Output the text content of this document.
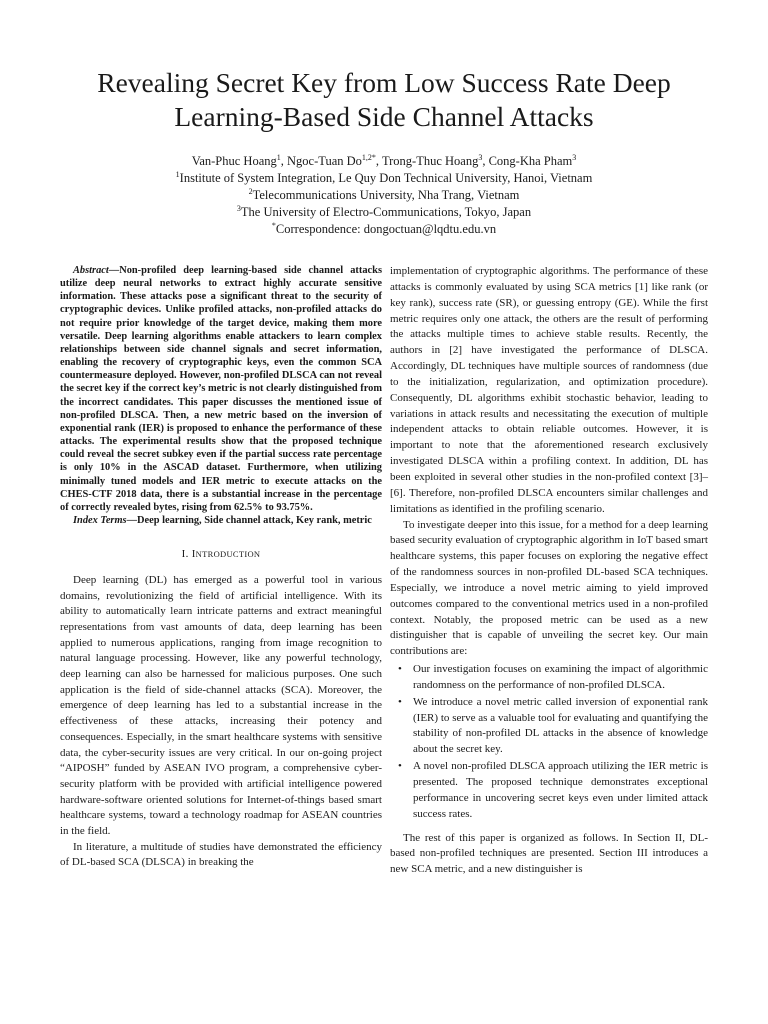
Revealing Secret Key from Low Success Rate Deep
Learning-Based Side Channel Attacks
Van-Phuc Hoang$^1$, Ngoc-Tuan $Do^{1,2*}$, Trong-Thuc Hoang$^3$, Cong-Kha Pham$^3$
$^1$Institute of System Integration, Le Quy Don Technical University, Hanoi, Vietnam
$^2$Telecommunications University, Nha Trang, Vietnam
$^3$The University of Electro-Communications, Tokyo, Japan
*Correspondence: dongoctuan@lqdtu.edu.vn

Abstract—Non-profiled deep learning-based side channel attacks utilize deep neural networks to extract highly accurate sensitive information. These attacks pose a significant threat to the security of cryptographic devices. Unlike profiled attacks, non-profiled attacks do not require prior knowledge of the target device, making them more versatile. Deep learning algorithms enable attackers to learn complex relationships between side channel signals and secret information, enabling the recovery of cryptographic keys, even the common SCA countermeasure deployed. However, non-profiled DLSCA can not reveal the secret key if the correct key’s metric is not clearly distinguished from the incorrect candidates. This paper discusses the mentioned issue of non-profiled DLSCA. Then, a new metric based on the inversion of exponential rank (IER) is proposed to enhance the performance of these attacks. The experimental results show that the proposed technique could reveal the secret subkey even if the partial success rate percentage is only 10% in the ASCAD dataset. Furthermore, when utilizing minimally tuned models and IER metric to execute attacks on the CHES-CTF 2018 data, there is a substantial increase in the percentage of correctly revealed bytes, rising from 62.5% to 93.75%.

Index Terms—Deep learning, Side channel attack, Key rank, metric

I. INTRODUCTION

Deep learning (DL) has emerged as a powerful tool in various domains, revolutionizing the field of artificial intelligence. With its ability to automatically learn intricate patterns and extract meaningful representations from vast amounts of data, deep learning has been applied to numerous applications, ranging from image recognition to natural language processing. However, like any powerful technology, deep learning can also be harnessed for malicious purposes. One such application is the field of side-channel attacks (SCA). Moreover, the emergence of deep learning has led to a substantial increase in the effectiveness of these attacks, increasing their potency and consequences. Especially, in the smart healthcare systems with sensitive data, the cyber-security issues are very critical. In our on-going project “AIPOSH” funded by ASEAN IVO program, a comprehensive cyber-security platform with be provided with artificial intelligence powered hardware-software oriented solutions for Internet-of-things based smart healthcare systems, toward a technology roadmap for ASEAN countries in the field.

In literature, a multitude of studies have demonstrated the efficiency of DL-based SCA (DLSCA) in breaking the

implementation of cryptographic algorithms. The performance of these attacks is commonly evaluated by using SCA metrics [1] like rank (or key rank), success rate (SR), or guessing entropy (GE). While the first metric requires only one attack, the others are the result of performing the attacks multiple times to achieve stable results. Recently, the authors in [2] have investigated the performance of DLSCA. Accordingly, DL techniques have multiple sources of randomness (due to the initialization, regularization, and optimization procedure). Consequently, DL algorithms exhibit stochastic behavior, leading to variations in attack results and necessitating the execution of multiple independent attacks to obtain reliable outcomes. However, it is important to note that the aforementioned research exclusively investigated DLSCA within a profiling context. In addition, DL has been exploited in several other studies in the non-profiled context [3]–[6]. Therefore, non-profiled DLSCA encounters similar challenges and limitations as identified in the profiling scenario.

To investigate deeper into this issue, for a method for a deep learning based security evaluation of cryptographic algorithm in IoT based smart healthcare systems, this paper focuses on exploring the negative effect of the randomness sources in non-profiled DL-based SCA techniques. Especially, we introduce a novel metric aiming to yield improved outcomes compared to the conventional metrics used in a non-profiled context. Notably, the proposed metric can be used as a new distinguisher that is capable of unveiling the secret key. Our main contributions are:

• Our investigation focuses on examining the impact of algorithmic randomness on the performance of non-profiled DLSCA.
• We introduce a novel metric called inversion of exponential rank (IER) to serve as a valuable tool for evaluating and quantifying the stability of non-profiled DL attacks in the absence of knowledge about the secret key.
• A novel non-profiled DLSCA approach utilizing the IER metric is presented. The proposed technique demonstrates exceptional performance in uncovering secret keys even under limited attack success rates.

The rest of this paper is organized as follows. In Section II, DL-based non-profiled techniques are presented. Section III introduces a new SCA metric, and a new distinguisher is
